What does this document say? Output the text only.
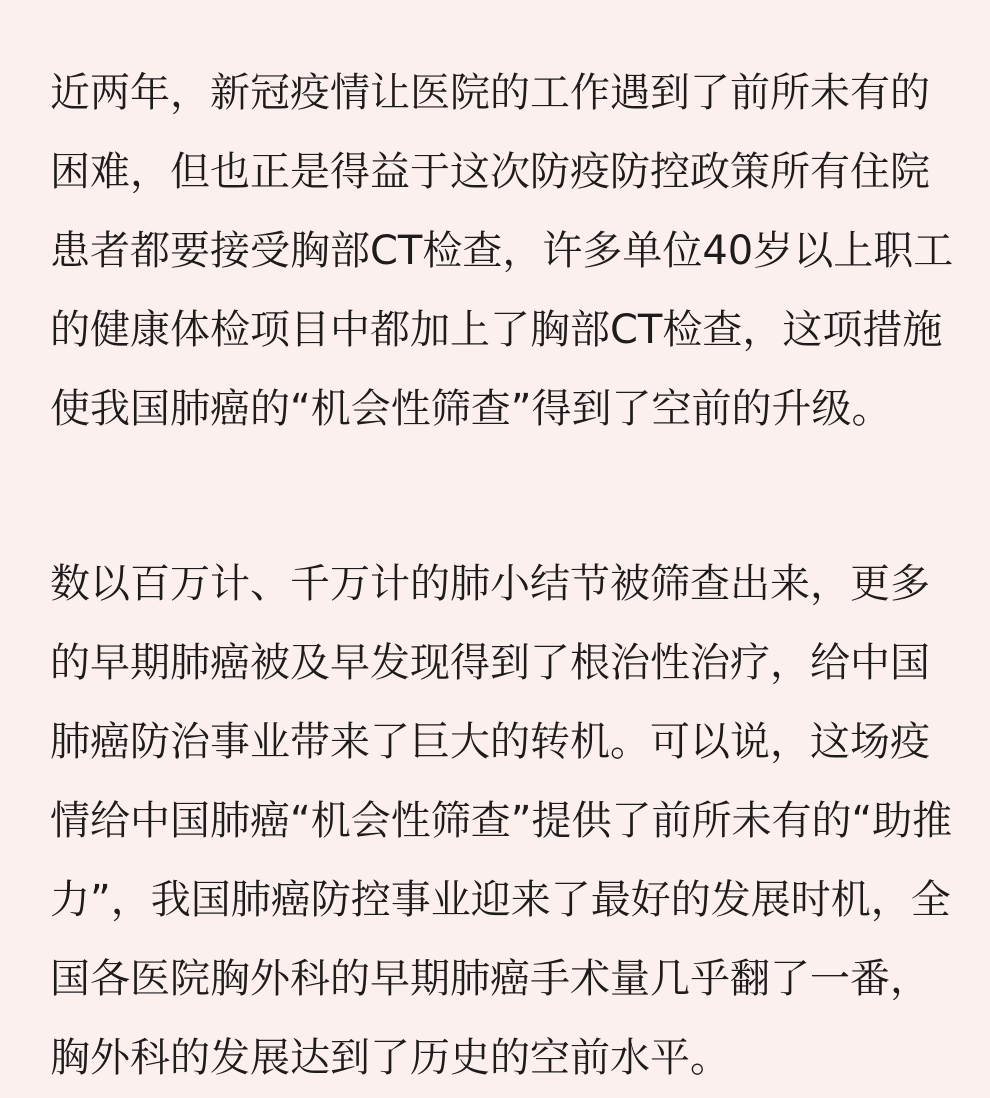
近两年，新冠疫情让医院的工作遇到了前所未有的
困难，但也正是得益于这次防疫防控政策所有住院
患者都要接受胸部CT检查，许多单位40岁以上职工
的健康体检项目中都加上了胸部CT检查，这项措施
使我国肺癌的“机会性筛查”得到了空前的升级。

数以百万计、千万计的肺小结节被筛查出来，更多
的早期肺癌被及早发现得到了根治性治疗，给中国
肺癌防治事业带来了巨大的转机。可以说，这场疫
情给中国肺癌“机会性筛查”提供了前所未有的“助推
力”，我国肺癌防控事业迎来了最好的发展时机，全
国各医院胸外科的早期肺癌手术量几乎翻了一番，
胸外科的发展达到了历史的空前水平。
